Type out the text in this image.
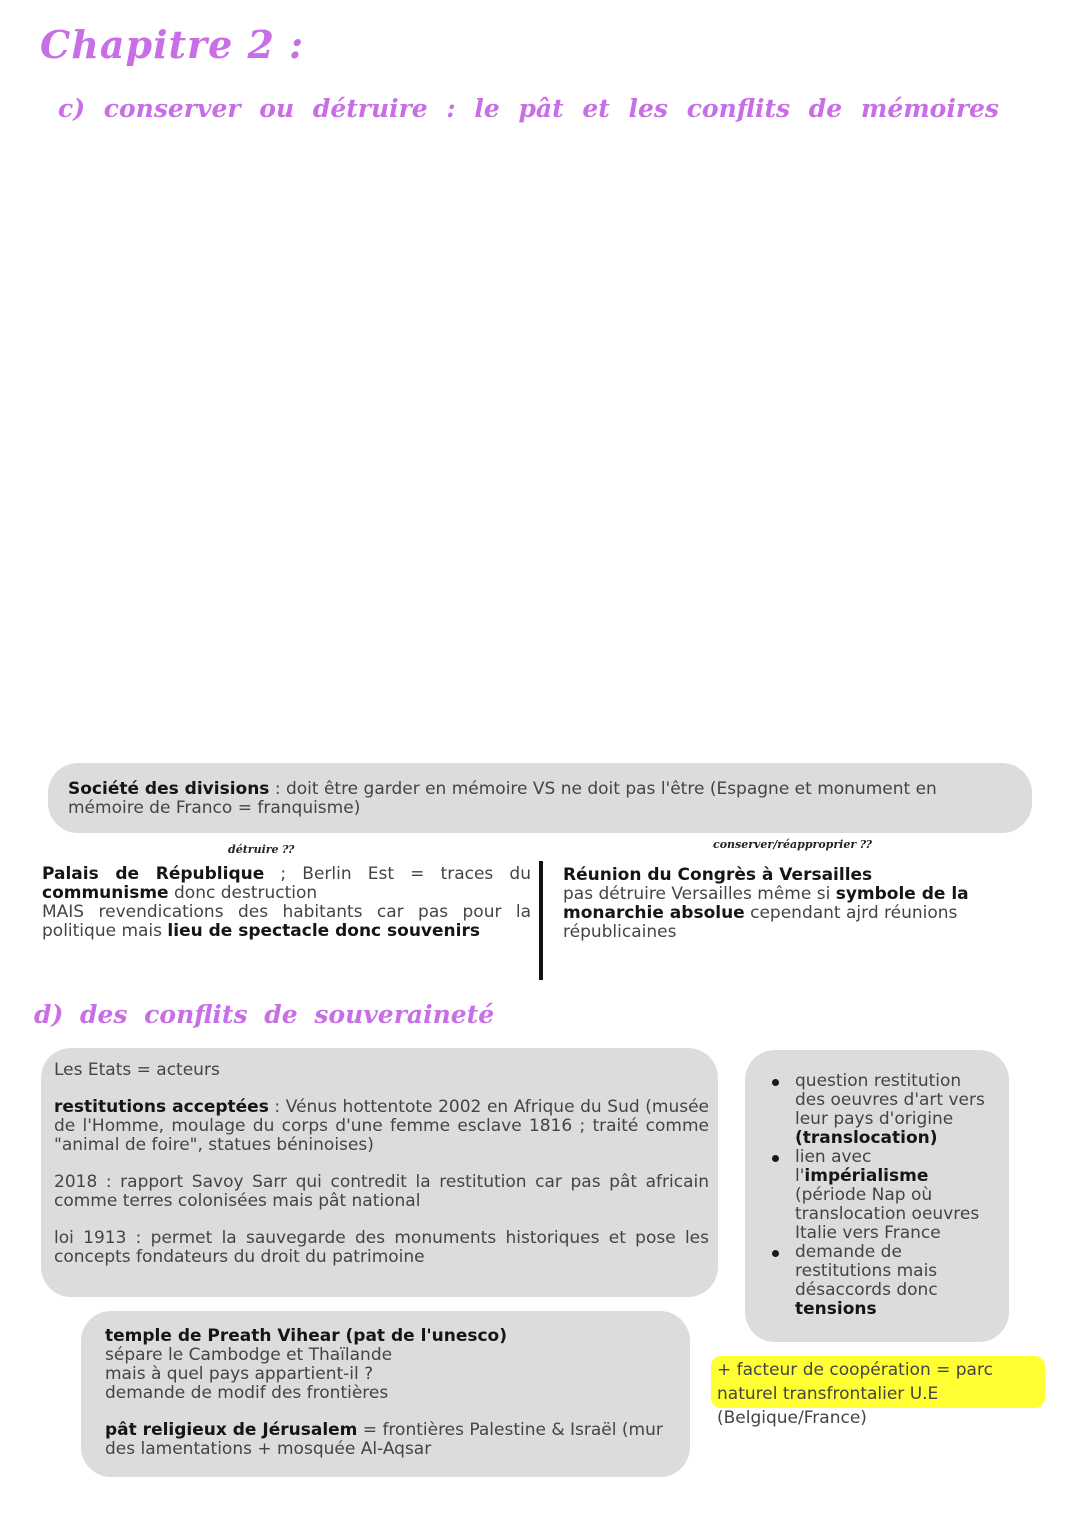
Chapitre 2 :
c) conserver ou détruire : le pât et les conflits de mémoires

Société des divisions : doit être garder en mémoire VS ne doit pas l'être (Espagne et monument en mémoire de Franco = franquisme)

détruire ⁇	conserver/réapproprier ⁇

Palais de République ; Berlin Est = traces du communisme donc destruction

MAIS revendications des habitants car pas pour la politique mais lieu de spectacle donc souvenirs

Réunion du Congrès à Versailles

pas détruire Versailles même si symbole de la monarchie absolue cependant ajrd réunions républicaines

d) des conflits de souveraineté

Les Etats = acteurs

restitutions acceptées : Vénus hottentote 2002 en Afrique du Sud (musée de l'Homme, moulage du corps d'une femme esclave 1816 ; traité comme "animal de foire", statues béninoises)

2018 : rapport Savoy Sarr qui contredit la restitution car pas pât africain comme terres colonisées mais pât national

loi 1913 : permet la sauvegarde des monuments historiques et pose les concepts fondateurs du droit du patrimoine

question restitution des oeuvres d'art vers leur pays d'origine (translocation)
lien avec l'impérialisme (période Nap où translocation oeuvres Italie vers France
demande de restitutions mais désaccords donc tensions

temple de Preath Vihear (pat de l'unesco)
sépare le Cambodge et Thaïlande
mais à quel pays appartient-il ?
demande de modif des frontières

pât religieux de Jérusalem = frontières Palestine & Israël (mur des lamentations + mosquée Al-Aqsar

+ facteur de coopération = parc naturel transfrontalier U.E (Belgique/France)
